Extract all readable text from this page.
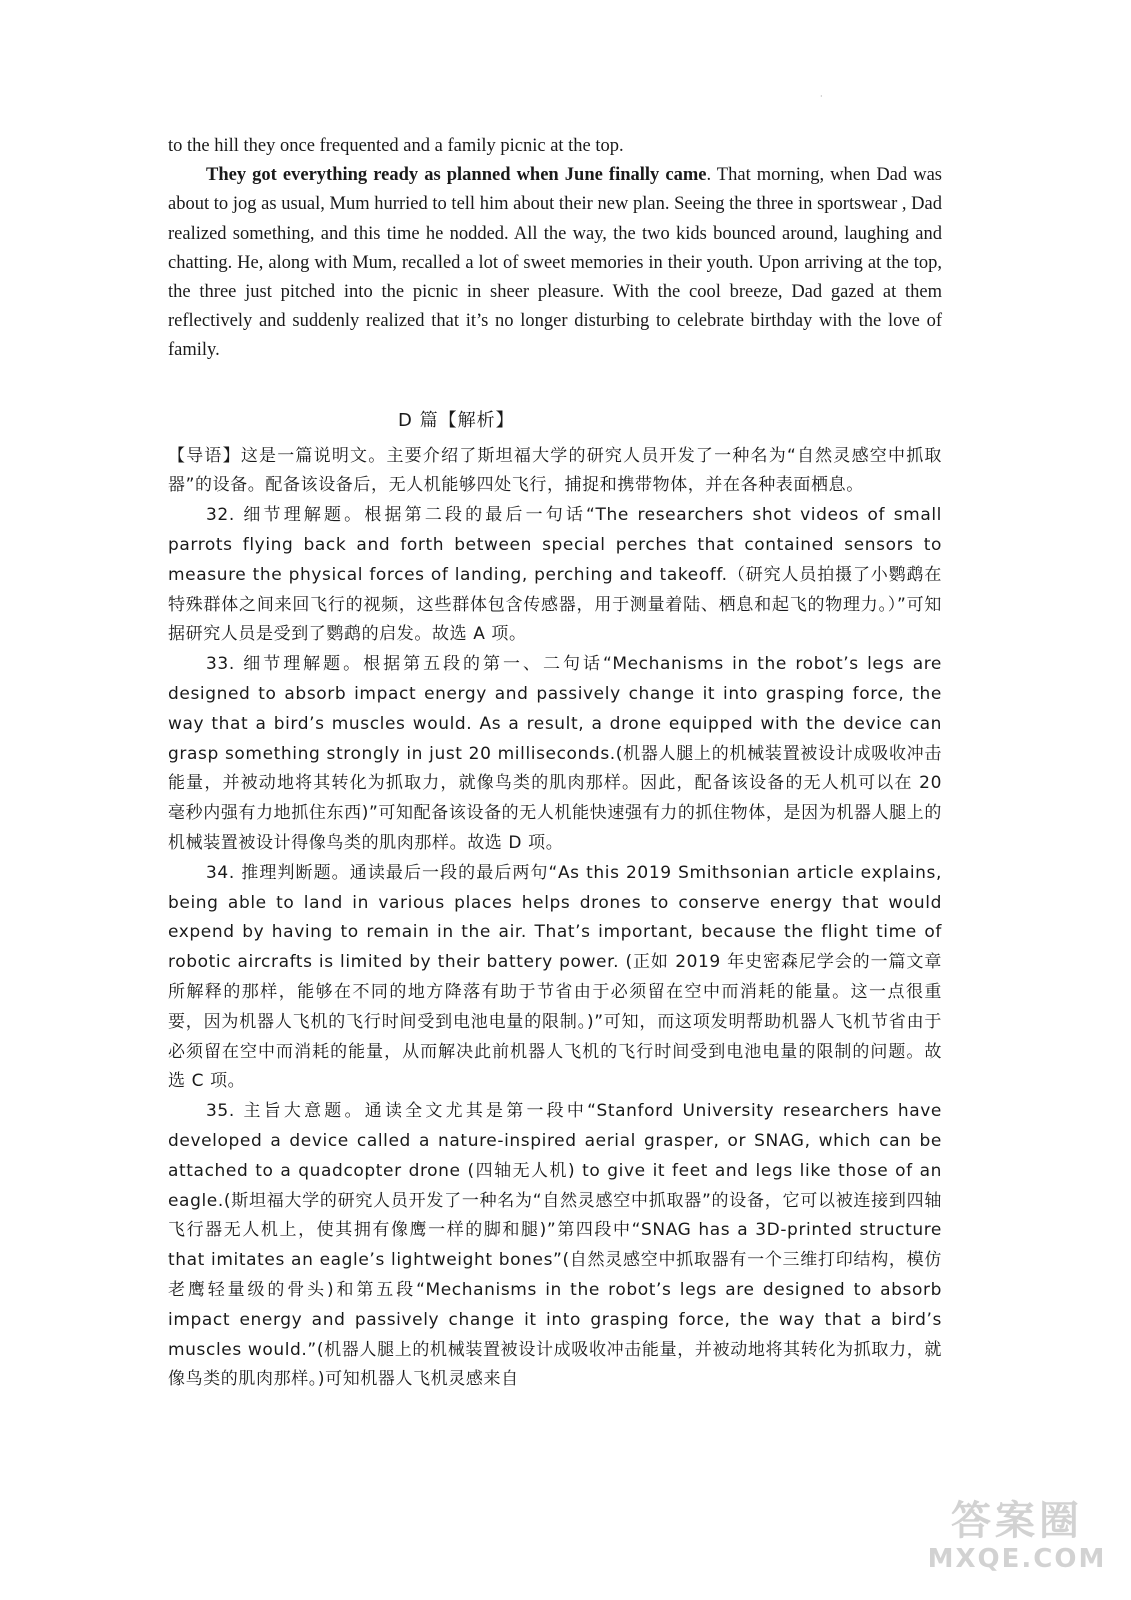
·

to the hill they once frequented and a family picnic at the top.

They got everything ready as planned when June finally came. That morning, when Dad was about to jog as usual, Mum hurried to tell him about their new plan. Seeing the three in sportswear , Dad realized something, and this time he nodded. All the way, the two kids bounced around, laughing and chatting. He, along with Mum, recalled a lot of sweet memories in their youth. Upon arriving at the top, the three just pitched into the picnic in sheer pleasure. With the cool breeze, Dad gazed at them reflectively and suddenly realized that it’s no longer disturbing to celebrate birthday with the love of family.

D 篇【解析】

【导语】这是一篇说明文。主要介绍了斯坦福大学的研究人员开发了一种名为“自然灵感空中抓取器”的设备。配备该设备后，无人机能够四处飞行，捕捉和携带物体，并在各种表面栖息。

32. 细节理解题。根据第二段的最后一句话“The researchers shot videos of small parrots flying back and forth between special perches that contained sensors to measure the physical forces of landing, perching and takeoff.（研究人员拍摄了小鹦鹉在特殊群体之间来回飞行的视频，这些群体包含传感器，用于测量着陆、栖息和起飞的物理力。）”可知据研究人员是受到了鹦鹉的启发。故选 A 项。

33. 细节理解题。根据第五段的第一、二句话“Mechanisms in the robot’s legs are designed to absorb impact energy and passively change it into grasping force, the way that a bird’s muscles would. As a result, a drone equipped with the device can grasp something strongly in just 20 milliseconds.(机器人腿上的机械装置被设计成吸收冲击能量，并被动地将其转化为抓取力，就像鸟类的肌肉那样。因此，配备该设备的无人机可以在 20 毫秒内强有力地抓住东西)”可知配备该设备的无人机能快速强有力的抓住物体，是因为机器人腿上的机械装置被设计得像鸟类的肌肉那样。故选 D 项。

34. 推理判断题。通读最后一段的最后两句“As this 2019 Smithsonian article explains, being able to land in various places helps drones to conserve energy that would expend by having to remain in the air. That’s important, because the flight time of robotic aircrafts is limited by their battery power. (正如 2019 年史密森尼学会的一篇文章所解释的那样，能够在不同的地方降落有助于节省由于必须留在空中而消耗的能量。这一点很重要，因为机器人飞机的飞行时间受到电池电量的限制。)”可知，而这项发明帮助机器人飞机节省由于必须留在空中而消耗的能量，从而解决此前机器人飞机的飞行时间受到电池电量的限制的问题。故选 C 项。

35. 主旨大意题。通读全文尤其是第一段中“Stanford University researchers have developed a device called a nature-inspired aerial grasper, or SNAG, which can be attached to a quadcopter drone (四轴无人机) to give it feet and legs like those of an eagle.(斯坦福大学的研究人员开发了一种名为“自然灵感空中抓取器”的设备，它可以被连接到四轴飞行器无人机上，使其拥有像鹰一样的脚和腿)”第四段中“SNAG has a 3D-printed structure that imitates an eagle’s lightweight bones”(自然灵感空中抓取器有一个三维打印结构，模仿老鹰轻量级的骨头)和第五段“Mechanisms in the robot’s legs are designed to absorb impact energy and passively change it into grasping force, the way that a bird’s muscles would.”(机器人腿上的机械装置被设计成吸收冲击能量，并被动地将其转化为抓取力，就像鸟类的肌肉那样。)可知机器人飞机灵感来自

答案圈
MXQE.COM
